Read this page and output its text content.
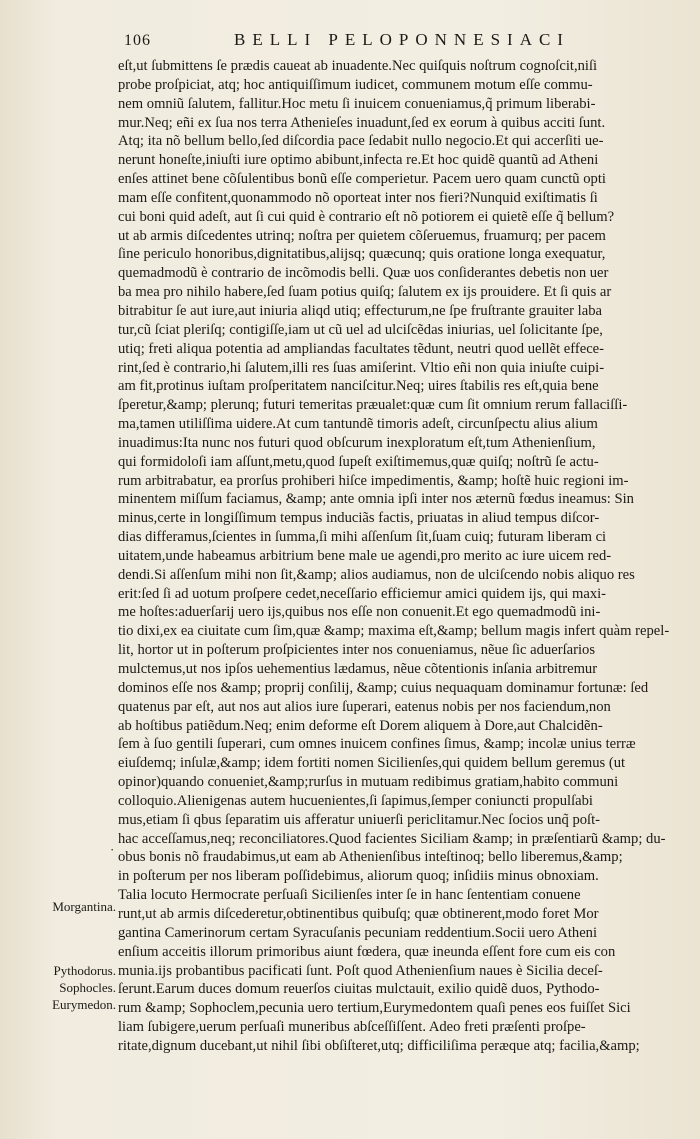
106	BELLI PELOPONNESIACI
eſt,ut ſubmittens ſe prædis caueat ab inuadente.Nec quiſquis noſtrum cognoſcit,niſi
probe proſpiciat, atq; hoc antiquiſſimum iudicet, communem motum eſſe commu-
nem omniũ ſalutem, fallitur.Hoc metu ſi inuicem conueniamus,q̃ primum liberabi-
mur.Neq; eñi ex ſua nos terra Athenieſes inuadunt,ſed ex eorum à quibus acciti ſunt.
Atq; ita nõ bellum bello,ſed diſcordia pace ſedabit nullo negocio.Et qui accerſiti ue-
nerunt honeſte,iniuſti iure optimo abibunt,infecta re.Et hoc quidẽ quantũ ad Atheni
enſes attinet bene cõſulentibus bonũ eſſe comperietur. Pacem uero quam cunctũ opti
mam eſſe confitent,quonammodo nõ oporteat inter nos fieri?Nunquid exiſtimatis ſi
cui boni quid adeſt, aut ſi cui quid è contrario eſt nõ potiorem ei quietẽ eſſe q̃ bellum?
ut ab armis diſcedentes utrinq; noſtra per quietem cõſeruemus, fruamurq; per pacem
ſine periculo honoribus,dignitatibus,alijsq; quæcunq; quis oratione longa exequatur,
quemadmodũ è contrario de incõmodis belli. Quæ uos conſiderantes debetis non uer
ba mea pro nihilo habere,ſed ſuam potius quiſq; ſalutem ex ijs prouidere. Et ſi quis ar
bitrabitur ſe aut iure,aut iniuria aliqd utiq; effecturum,ne ſpe fruſtrante grauiter laba
tur,cũ ſciat pleriſq; contigiſſe,iam ut cũ uel ad ulciſcẽdas iniurias, uel ſolicitante ſpe,
utiq; freti aliqua potentia ad ampliandas facultates tẽdunt, neutri quod uellẽt effece-
rint,ſed è contrario,hi ſalutem,illi res ſuas amiſerint. Vltio eñi non quia iniuſte cuipi-
am fit,protinus iuſtam proſperitatem nanciſcitur.Neq; uires ſtabilis res eſt,quia bene
ſperetur,&amp; plerunq; futuri temeritas præualet:quæ cum ſit omnium rerum fallaciſſi-
ma,tamen utiliſſima uidere.At cum tantundẽ timoris adeſt, circunſpectu alius alium
inuadimus:Ita nunc nos futuri quod obſcurum inexploratum eſt,tum Athenienſium,
qui formidoloſi iam aſſunt,metu,quod ſupeſt exiſtimemus,quæ quiſq; noſtrũ ſe actu-
rum arbitrabatur, ea prorſus prohiberi hiſce impedimentis, &amp; hoſtẽ huic regioni im-
minentem miſſum faciamus, &amp; ante omnia ipſi inter nos æternũ fœdus ineamus: Sin
minus,certe in longiſſimum tempus induciãs factis, priuatas in aliud tempus diſcor-
dias differamus,ſcientes in ſumma,ſi mihi aſſenſum ſit,ſuam cuiq; futuram liberam ci
uitatem,unde habeamus arbitrium bene male ue agendi,pro merito ac iure uicem red-
dendi.Si aſſenſum mihi non ſit,&amp; alios audiamus, non de ulciſcendo nobis aliquo res
erit:ſed ſi ad uotum proſpere cedet,neceſſario efficiemur amici quidem ijs, qui maxi-
me hoſtes:aduerſarij uero ijs,quibus nos eſſe non conuenit.Et ego quemadmodũ ini-
tio dixi,ex ea ciuitate cum ſim,quæ &amp; maxima eſt,&amp; bellum magis infert quàm repel-
lit, hortor ut in poſterum proſpicientes inter nos conueniamus, nẽue ſic aduerſarios
mulctemus,ut nos ipſos uehementius lædamus, nẽue cõtentionis inſania arbitremur
dominos eſſe nos &amp; proprij conſilij, &amp; cuius nequaquam dominamur fortunæ: ſed
quatenus par eſt, aut nos aut alios iure ſuperari, eatenus nobis per nos faciendum,non
ab hoſtibus patiẽdum.Neq; enim deforme eſt Dorem aliquem à Dore,aut Chalcidẽn-
ſem à ſuo gentili ſuperari, cum omnes inuicem confines ſimus, &amp; incolæ unius terræ
eiuſdemq; inſulæ,&amp; idem fortiti nomen Sicilienſes,qui quidem bellum geremus (ut
opinor)quando conueniet,&amp;rurſus in mutuam redibimus gratiam,habito communi
colloquio.Alienigenas autem hucuenientes,ſi ſapimus,ſemper coniuncti propulſabi
mus,etiam ſi qbus ſeparatim uis afferatur uniuerſi periclitamur.Nec ſocios unq̃ poſt-
hac acceſſamus,neq; reconciliatores.Quod facientes Siciliam &amp; in præſentiarũ &amp; du-
obus bonis nõ fraudabimus,ut eam ab Athenienſibus inteſtinoq; bello liberemus,&amp;
in poſterum per nos liberam poſſidebimus, aliorum quoq; inſidiis minus obnoxiam.
Talia locuto Hermocrate perſuaſi Sicilienſes inter ſe in hanc ſententiam conuene
runt,ut ab armis diſcederetur,obtinentibus quibuſq; quæ obtinerent,modo foret Mor
gantina Camerinorum certam Syracuſanis pecuniam reddentium.Socii uero Atheni
enſium acceitis illorum primoribus aiunt fœdera, quæ ineunda eſſent fore cum eis con
munia.ijs probantibus pacificati ſunt. Poſt quod Athenienſium naues è Sicilia deceſ-
ſerunt.Earum duces domum reuerſos ciuitas mulctauit, exilio quidẽ duos, Pythodo-
rum &amp; Sophoclem,pecunia uero tertium,Eurymedontem quaſi penes eos fuiſſet Sici
liam ſubigere,uerum perſuaſi muneribus abſceſſiſſent. Adeo freti præſenti proſpe-
ritate,dignum ducebant,ut nihil ſibi obſiſteret,utq; difficiliſima peræque atq; facilia,&amp;
Morgantina.
Pythodorus.
Sophocles.
Eurymedon.
·
